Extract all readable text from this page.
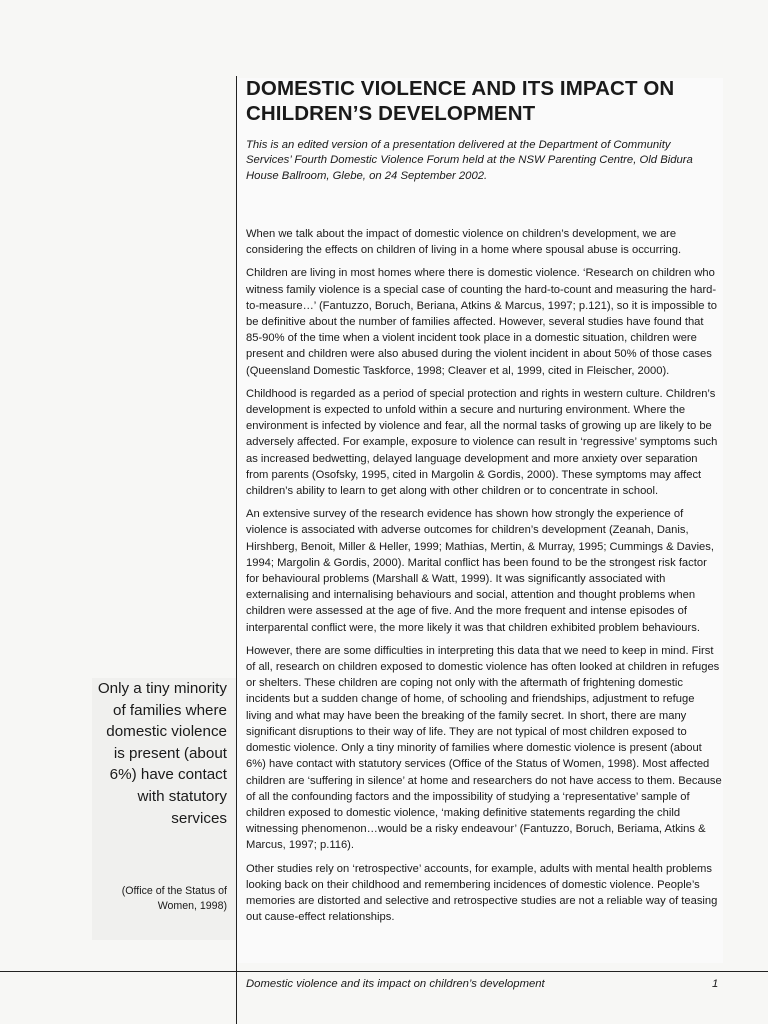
DOMESTIC VIOLENCE AND ITS IMPACT ON CHILDREN’S DEVELOPMENT

This is an edited version of a presentation delivered at the Department of Community Services’ Fourth Domestic Violence Forum held at the NSW Parenting Centre, Old Bidura House Ballroom, Glebe, on 24 September 2002.

When we talk about the impact of domestic violence on children’s development, we are considering the effects on children of living in a home where spousal abuse is occurring.

Children are living in most homes where there is domestic violence. ‘Research on children who witness family violence is a special case of counting the hard-to-count and measuring the hard-to-measure…’ (Fantuzzo, Boruch, Beriana, Atkins & Marcus, 1997; p.121), so it is impossible to be definitive about the number of families affected. However, several studies have found that 85-90% of the time when a violent incident took place in a domestic situation, children were present and children were also abused during the violent incident in about 50% of those cases (Queensland Domestic Taskforce, 1998; Cleaver et al, 1999, cited in Fleischer, 2000).

Childhood is regarded as a period of special protection and rights in western culture. Children’s development is expected to unfold within a secure and nurturing environment. Where the environment is infected by violence and fear, all the normal tasks of growing up are likely to be adversely affected. For example, exposure to violence can result in ‘regressive’ symptoms such as increased bedwetting, delayed language development and more anxiety over separation from parents (Osofsky, 1995, cited in Margolin & Gordis, 2000). These symptoms may affect children’s ability to learn to get along with other children or to concentrate in school.

An extensive survey of the research evidence has shown how strongly the experience of violence is associated with adverse outcomes for children’s development (Zeanah, Danis, Hirshberg, Benoit, Miller & Heller, 1999; Mathias, Mertin, & Murray, 1995; Cummings & Davies, 1994; Margolin & Gordis, 2000). Marital conflict has been found to be the strongest risk factor for behavioural problems (Marshall & Watt, 1999). It was significantly associated with externalising and internalising behaviours and social, attention and thought problems when children were assessed at the age of five. And the more frequent and intense episodes of interparental conflict were, the more likely it was that children exhibited problem behaviours.

However, there are some difficulties in interpreting this data that we need to keep in mind. First of all, research on children exposed to domestic violence has often looked at children in refuges or shelters. These children are coping not only with the aftermath of frightening domestic incidents but a sudden change of home, of schooling and friendships, adjustment to refuge living and what may have been the breaking of the family secret. In short, there are many significant disruptions to their way of life. They are not typical of most children exposed to domestic violence. Only a tiny minority of families where domestic violence is present (about 6%) have contact with statutory services (Office of the Status of Women, 1998). Most affected children are ‘suffering in silence’ at home and researchers do not have access to them. Because of all the confounding factors and the impossibility of studying a ‘representative’ sample of children exposed to domestic violence, ‘making definitive statements regarding the child witnessing phenomenon…would be a risky endeavour’ (Fantuzzo, Boruch, Beriama, Atkins & Marcus, 1997; p.116).

Other studies rely on ‘retrospective’ accounts, for example, adults with mental health problems looking back on their childhood and remembering incidences of domestic violence. People’s memories are distorted and selective and retrospective studies are not a reliable way of teasing out cause-effect relationships.

Only a tiny minority of families where domestic violence is present (about 6%) have contact with statutory services

(Office of the Status of Women, 1998)

Domestic violence and its impact on children’s development	1
